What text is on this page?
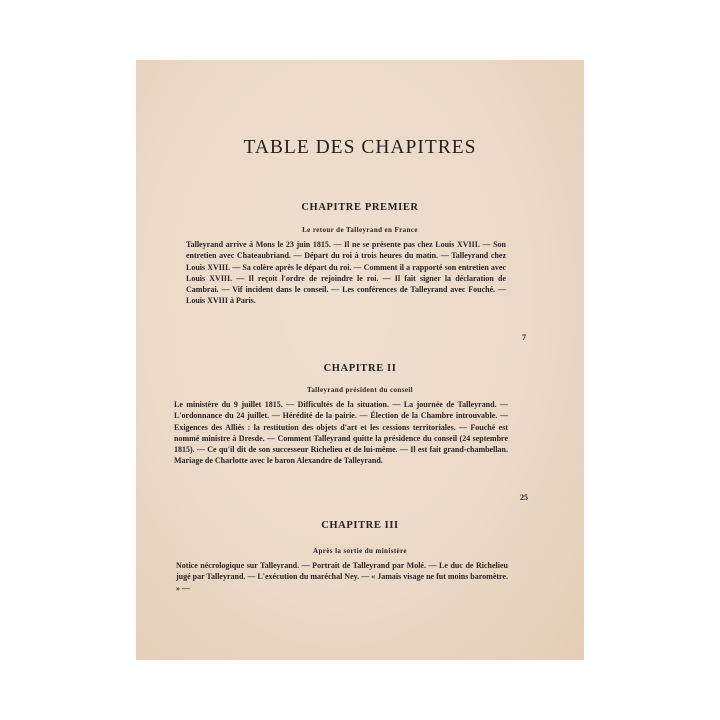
TABLE DES CHAPITRES
CHAPITRE PREMIER
Le retour de Talleyrand en France

Talleyrand arrive à Mons le 23 juin 1815. — Il ne se présente pas chez Louis XVIII. — Son entretien avec Chateaubriand. — Départ du roi à trois heures du matin. — Talleyrand chez Louis XVIII. — Sa colère après le départ du roi. — Comment il a rapporté son entretien avec Louis XVIII. — Il reçoit l'ordre de rejoindre le roi. — Il fait signer la déclaration de Cambrai. — Vif incident dans le conseil. — Les conférences de Talleyrand avec Fouché. — Louis XVIII à Paris.

7
CHAPITRE II
Talleyrand président du conseil

Le ministère du 9 juillet 1815. — Difficultés de la situation. — La journée de Talleyrand. — L'ordonnance du 24 juillet. — Hérédité de la pairie. — Élection de la Chambre introuvable. — Exigences des Alliés : la restitution des objets d'art et les cessions territoriales. — Fouché est nommé ministre à Dresde. — Comment Talleyrand quitte la présidence du conseil (24 septembre 1815). — Ce qu'il dit de son successeur Richelieu et de lui-même. — Il est fait grand-chambellan. Mariage de Charlotte avec le baron Alexandre de Talleyrand.

25
CHAPITRE III
Après la sortie du ministère

Notice nécrologique sur Talleyrand. — Portrait de Talleyrand par Molé. — Le duc de Richelieu jugé par Talleyrand. — L'exécution du maréchal Ney. — « Jamais visage ne fut moins baromètre. » —
